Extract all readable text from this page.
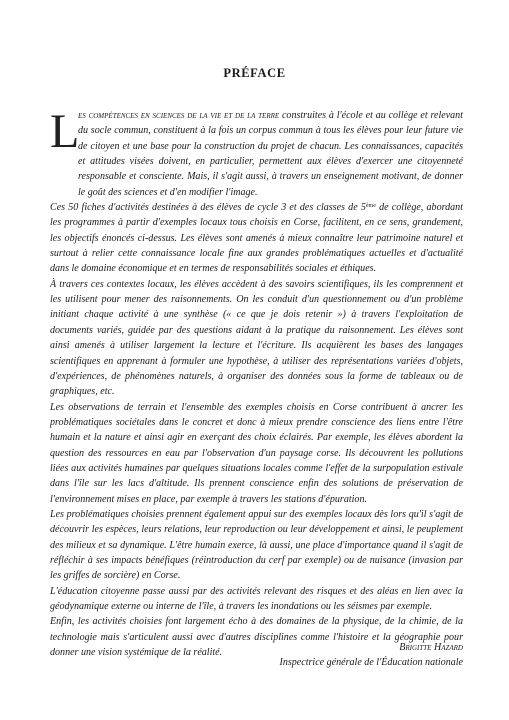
PRÉFACE

L
es compétences en sciences de la vie et de la terre construites à l'école et au collège et relevant du socle commun, constituent à la fois un corpus commun à tous les élèves pour leur future vie de citoyen et une base pour la construction du projet de chacun. Les connaissances, capacités et attitudes visées doivent, en particulier, permettent aux élèves d'exercer une citoyenneté responsable et consciente. Mais, il s'agit aussi, à travers un enseignement motivant, de donner le goût des sciences et d'en modifier l'image.

Ces 50 fiches d'activités destinées à des élèves de cycle 3 et des classes de 5ème de collège, abordant les programmes à partir d'exemples locaux tous choisis en Corse, facilitent, en ce sens, grandement, les objectifs énoncés ci-dessus. Les élèves sont amenés à mieux connaître leur patrimoine naturel et surtout à relier cette connaissance locale fine aux grandes problématiques actuelles et d'actualité dans le domaine économique et en termes de responsabilités sociales et éthiques.

À travers ces contextes locaux, les élèves accèdent à des savoirs scientifiques, ils les comprennent et les utilisent pour mener des raisonnements. On les conduit d'un questionnement ou d'un problème initiant chaque activité à une synthèse (« ce que je dois retenir ») à travers l'exploitation de documents variés, guidée par des questions aidant à la pratique du raisonnement. Les élèves sont ainsi amenés à utiliser largement la lecture et l'écriture. Ils acquièrent les bases des langages scientifiques en apprenant à formuler une hypothèse, à utiliser des représentations variées d'objets, d'expériences, de phénomènes naturels, à organiser des données sous la forme de tableaux ou de graphiques, etc.

Les observations de terrain et l'ensemble des exemples choisis en Corse contribuent à ancrer les problématiques sociétales dans le concret et donc à mieux prendre conscience des liens entre l'être humain et la nature et ainsi agir en exerçant des choix éclairés. Par exemple, les élèves abordent la question des ressources en eau par l'observation d'un paysage corse. Ils découvrent les pollutions liées aux activités humaines par quelques situations locales comme l'effet de la surpopulation estivale dans l'île sur les lacs d'altitude. Ils prennent conscience enfin des solutions de préservation de l'environnement mises en place, par exemple à travers les stations d'épuration.

Les problématiques choisies prennent également appui sur des exemples locaux dès lors qu'il s'agit de découvrir les espèces, leurs relations, leur reproduction ou leur développement et ainsi, le peuplement des milieux et sa dynamique. L'être humain exerce, là aussi, une place d'importance quand il s'agit de réfléchir à ses impacts bénéfiques (réintroduction du cerf par exemple) ou de nuisance (invasion par les griffes de sorcière) en Corse.

L'éducation citoyenne passe aussi par des activités relevant des risques et des aléas en lien avec la géodynamique externe ou interne de l'île, à travers les inondations ou les séismes par exemple.

Enfin, les activités choisies font largement écho à des domaines de la physique, de la chimie, de la technologie mais s'articulent aussi avec d'autres disciplines comme l'histoire et la géographie pour donner une vision systémique de la réalité.	Brigitte Hazard
Inspectrice générale de l'Éducation nationale
